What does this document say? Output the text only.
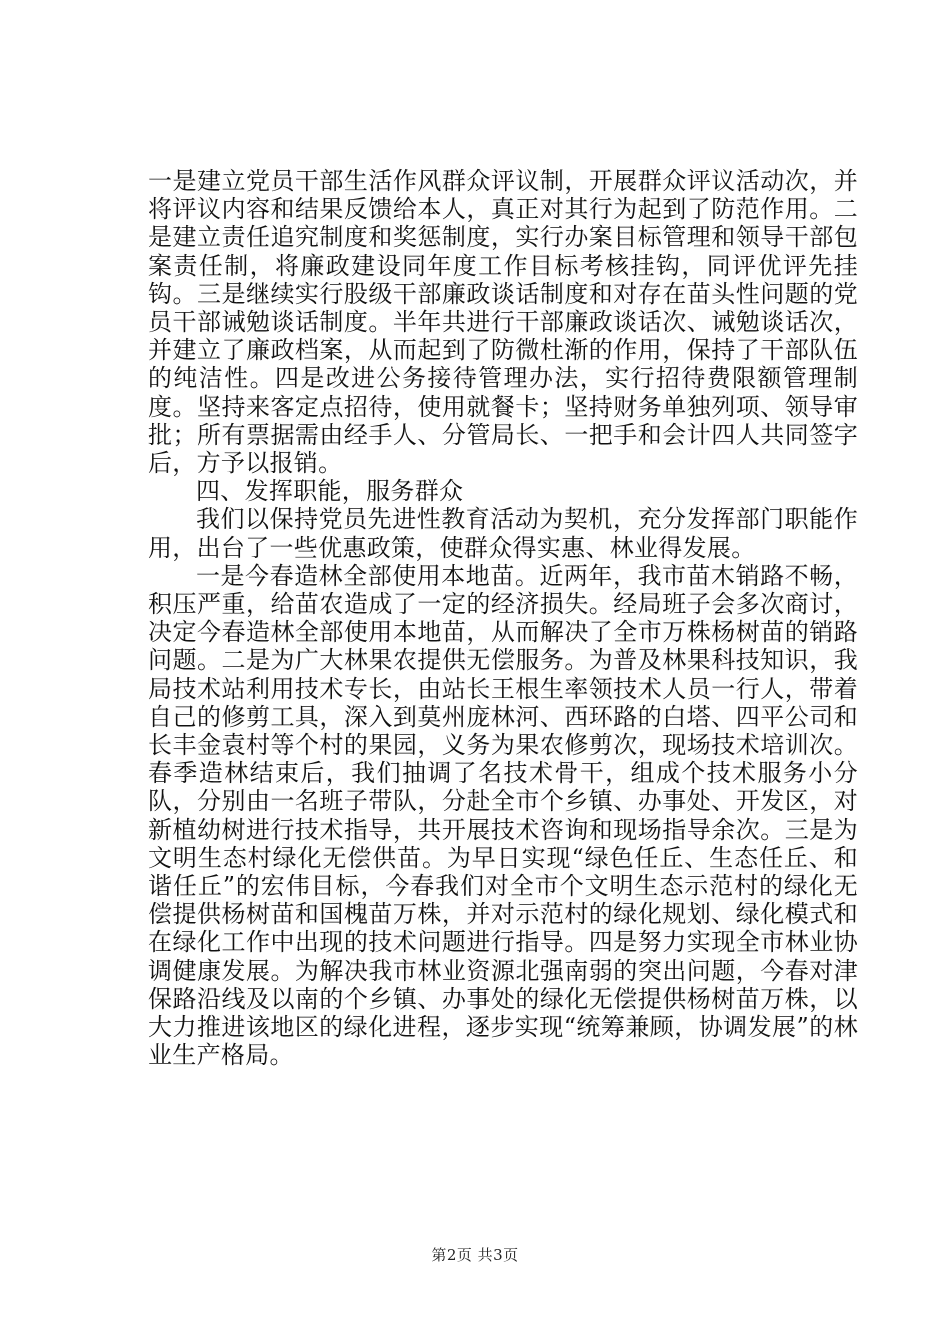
一是建立党员干部生活作风群众评议制，开展群众评议活动次，并将评议内容和结果反馈给本人，真正对其行为起到了防范作用。二是建立责任追究制度和奖惩制度，实行办案目标管理和领导干部包案责任制，将廉政建设同年度工作目标考核挂钩，同评优评先挂钩。三是继续实行股级干部廉政谈话制度和对存在苗头性问题的党员干部诫勉谈话制度。半年共进行干部廉政谈话次、诫勉谈话次，并建立了廉政档案，从而起到了防微杜渐的作用，保持了干部队伍的纯洁性。四是改进公务接待管理办法，实行招待费限额管理制度。坚持来客定点招待，使用就餐卡；坚持财务单独列项、领导审批；所有票据需由经手人、分管局长、一把手和会计四人共同签字后，方予以报销。

四、发挥职能，服务群众

我们以保持党员先进性教育活动为契机，充分发挥部门职能作用，出台了一些优惠政策，使群众得实惠、林业得发展。

一是今春造林全部使用本地苗。近两年，我市苗木销路不畅，积压严重，给苗农造成了一定的经济损失。经局班子会多次商讨，决定今春造林全部使用本地苗，从而解决了全市万株杨树苗的销路问题。二是为广大林果农提供无偿服务。为普及林果科技知识，我局技术站利用技术专长，由站长王根生率领技术人员一行人，带着自己的修剪工具，深入到莫州庞林河、西环路的白塔、四平公司和长丰金袁村等个村的果园，义务为果农修剪次，现场技术培训次。春季造林结束后，我们抽调了名技术骨干，组成个技术服务小分队，分别由一名班子带队，分赴全市个乡镇、办事处、开发区，对新植幼树进行技术指导，共开展技术咨询和现场指导余次。三是为文明生态村绿化无偿供苗。为早日实现“绿色任丘、生态任丘、和谐任丘”的宏伟目标，今春我们对全市个文明生态示范村的绿化无偿提供杨树苗和国槐苗万株，并对示范村的绿化规划、绿化模式和在绿化工作中出现的技术问题进行指导。四是努力实现全市林业协调健康发展。为解决我市林业资源北强南弱的突出问题，今春对津保路沿线及以南的个乡镇、办事处的绿化无偿提供杨树苗万株，以大力推进该地区的绿化进程，逐步实现“统筹兼顾，协调发展”的林业生产格局。

第2页 共3页
